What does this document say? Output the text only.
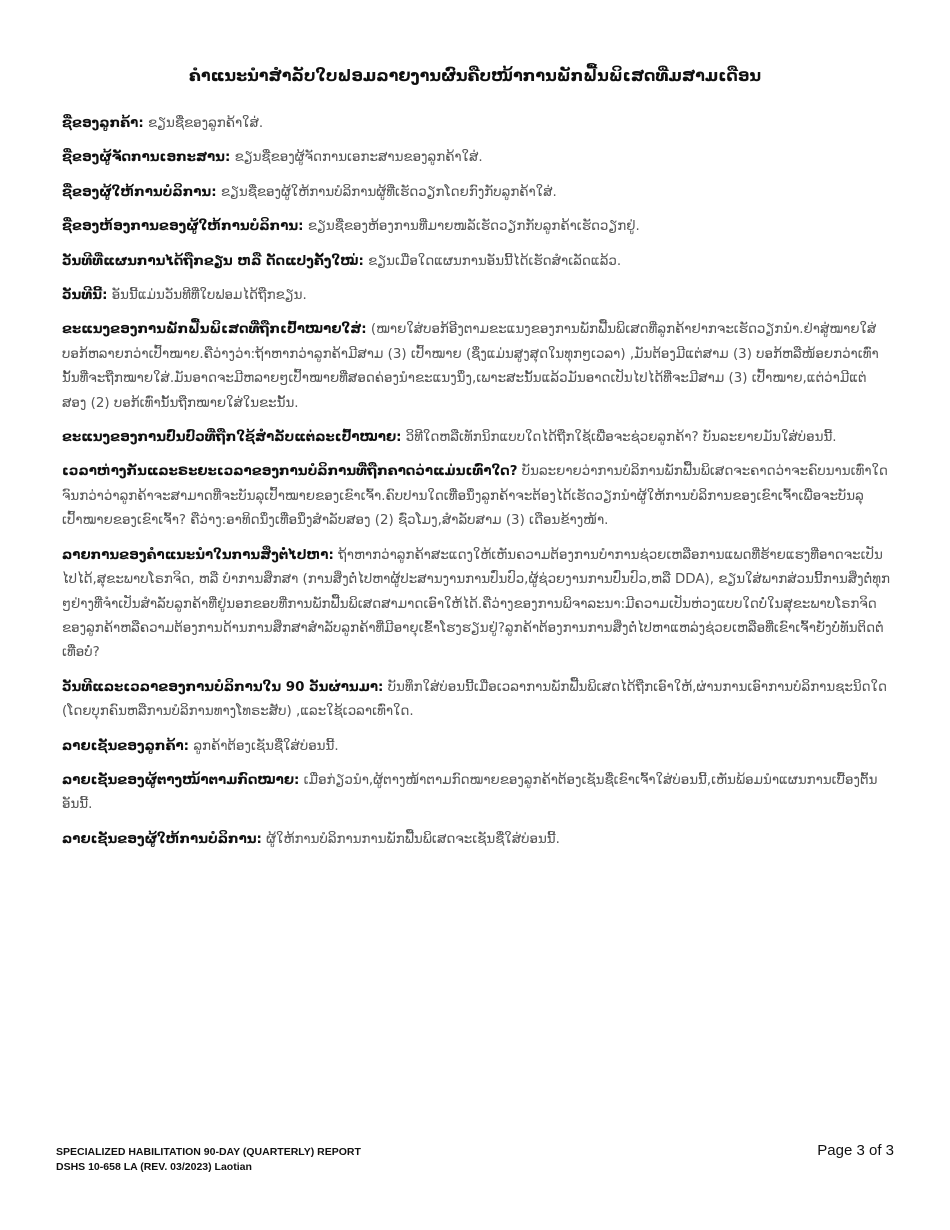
ຄຳແນະນຳສຳລັບໃບຟອມລາຍງານຜົນຄືບໜ້າການພັກຟື້ນພິເສດທີ່ມສາມເດືອນ

ຊື່ຂອງລູກຄ້າ: ຂຽນຊື່ຂອງລູກຄ້າໃສ່.

ຊື່ຂອງຜູ້ຈັດການເອກະສານ: ຂຽນຊື່ຂອງຜູ້ຈັດການເອກະສານຂອງລູກຄ້າໃສ່.

ຊື່ຂອງຜູ້ໃຫ້ການບໍລິການ: ຂຽນຊື່ຂອງຜູ້ໃຫ້ການບໍລິການຜູ້ທີ່ເຮັດວຽກໂດຍກົງກັບລູກຄ້າໃສ່.

ຊື່ຂອງຫ້ອງການຂອງຜູ້ໃຫ້ການບໍລິການ: ຂຽນຊື່ຂອງຫ້ອງການທີ່ມາຍໜລັເຮັດວຽກກັບລູກຄ້າເຮັດວຽກຢູ່.

ວັນທີທີ່ແຜນການໄດ້ຖືກຂຽນ ຫລື ດັດແປງຄັ້ງໃໝ່: ຂຽນເມື່ອໃດແຜນການອັນນີ້ໄດ້ເຮັດສຳເລັດແລ້ວ.

ວັນທີນີ້: ອັນນີ້ແມ່ນວັນທີທີ່ໃບຟອມໄດ້ຖືກຂຽນ.

ຂະແນງຂອງການພັກຟື້ນພິເສດທີ່ຖືກເປົ້າໝາຍໃສ່: (ໝາຍໃສ່ບອກ້ອີງຕາມຂະແນງຂອງການພັກຟື້ນພິເສດທີ່ລູກຄ້າຢາກຈະເຮັດວຽກນຳ.ຢ່າສູ່ໝາຍໃສ່ບອກ້ຫລາຍກວ່າເປົ້າໝາຍ.ຄືວ່າງວ່າ:ຖ້າຫາກວ່າລູກຄ້າມີສາມ (3) ເປົ້າໝາຍ (ຊຶ່ງແມ່ນສູງສຸດໃນທຸກໆເວລາ) ,ມັນຕ້ອງມີແຕ່ສາມ (3) ບອກ້ຫລືໜ້ອຍກວ່າເທົ່ານັ້ນທີ່ຈະຖືກໝາຍໃສ່.ມັນອາດຈະມີຫລາຍໆເປົ້າໝາຍທີ່ສອດຄ່ອງນຳຂະແນງນຶ່ງ,ເພາະສະນັ້ນແລ້ວມັນອາດເປັນໄປໄດ້ທີ່ຈະມີສາມ (3) ເປົ້າໝາຍ,ແຕ່ວ່າມີແຕ່ສອງ (2) ບອກ້ເທົ່ານັ້ນຖືກໝາຍໃສ່ໃນຂະນັ້ນ.

ຂະແນງຂອງການປົ່ນປົວທີ່ຖືກໃຊ້ສຳລັບແຕ່ລະເປົ້າໝາຍ: ວິທີໃດຫລືເທັກນິກແບບໃດໄດ້ຖືກໃຊ້ເພື່ອຈະຊ່ວຍລູກຄ້າ? ບັນລະຍາຍມັນໃສ່ບ່ອນນີ້.

ເວລາຫ່າງກັນແລະຣະຍະເວລາຂອງການບໍລິການທີ່ຖືກຄາດວ່າແມ່ນເທົ່າໃດ? ບັນລະຍາຍວ່າການບໍລິການພັກຟື້ນພິເສດຈະຄາດວ່າຈະຄົບນານເທົ່າໃດຈົນກວ່າວ່າລູກຄ້າຈະສາມາດທີ່ຈະບັນລຸເປົ້າໝາຍຂອງເຂົາເຈົ້າ.ຄົບປານໃດເທື່ອນຶ່ງລູກຄ້າຈະຕ້ອງໄດ້ເຮັດວຽກນຳຜູ້ໃຫ້ການບໍລິການຂອງເຂົາເຈົ້າເພື່ອຈະບັນລຸເປົ້າໝາຍຂອງເຂົາເຈົ້າ? ຄືວ່າງ:ອາທິດນຶ່ງເທື່ອນຶ່ງສຳລັບສອງ (2) ຊົ່ວໂມງ,ສຳລັບສາມ (3) ເດືອນຂ້າງໜ້າ.

ລາຍການຂອງຄຳແນະນຳໃນການສິ່ງຕໍ່ໄປຫາ: ຖ້າຫາກວ່າລູກຄ້າສະແດງໃຫ້ເຫັນຄວາມຕ້ອງການບຳການຊ່ວຍເຫລືອການແພດທີ່ຮ້າຍແຮງທີ່ອາດຈະເປັນໄປໄດ້,ສຸຂະພາບໂຣກຈິດ, ຫລື ບຳການສຶກສາ (ການສິ່ງຕໍ່ໄປຫາຜູ້ປະສານງານການປົ່ນປົວ,ຜູ້ຊ່ວຍງານການປົ່ນປົວ,ຫລື DDA), ຂຽນໃສ່ພາກສ່ວນນີ້ການສິ່ງຕໍ່ທຸກໆຢ່າງທີ່ຈຳເປັນສຳລັບລູກຄ້າທີ່ຢູ່ນອກຂອບທີ່ການພັກຟື້ນພິເສດສາມາດເອົາໃຫ້ໄດ້.ຄືວ່າງຂອງການພິຈາລະນາ:ມີຄວາມເປັນຫ່ວງແບບໃດບໍ່ໃນສຸຂະພາບໂຣກຈິດຂອງລູກຄ້າຫລືຄວາມຕ້ອງການດ້ານການສຶກສາສຳລັບລູກຄ້າທີ່ມີອາຍຸເຂົ້າໂຮງຮຽນຢູ່?ລູກຄ້າຕ້ອງການການສິ່ງຕໍ່ໄປຫາແຫລ່ງຊ່ວຍເຫລືອທີ່ເຂົາເຈົ້າຍັງບໍ່ທັນຕິດຕໍ່ເທື່ອບໍ່?

ວັນທີແລະເວລາຂອງການບໍລິການໃນ 90 ວັນຜ່ານມາ: ບັນທຶກໃສ່ບ່ອນນີ້ເມື່ອເວລາການພັກຟື້ນພິເສດໄດ້ຖືກເອົາໃຫ້,ຜ່ານການເອົາການບໍລິການຊະນິດໃດ (ໂດຍບຸກຄົນຫລືການບໍລິການທາງໂທຣະສັບ) ,ແລະໃຊ້ເວລາເທົ່າໃດ.

ລາຍເຊັນຂອງລູກຄ້າ: ລູກຄ້າຕ້ອງເຊັນຊື່ໃສ່ບ່ອນນີ້.

ລາຍເຊັນຂອງຜູ້ຕາງໜ້າຕາມກົດໝາຍ: ເມື່ອກ່ຽວນຳ,ຜູ້ຕາງໜ້າຕາມກົດໝາຍຂອງລູກຄ້າຕ້ອງເຊັນຊື່ເຂົາເຈົ້າໃສ່ບ່ອນນີ້,ເຫັນພ້ອມນຳແຜນການເບື້ອງຕົ້ນອັນນີ້.

ລາຍເຊັນຂອງຜູ້ໃຫ້ການບໍລິການ: ຜູ້ໃຫ້ການບໍລິການການພັກຟື້ນພິເສດຈະເຊັນຊື່ໃສ່ບ່ອນນີ້.

SPECIALIZED HABILITATION 90-DAY (QUARTERLY) REPORT
DSHS 10-658 LA (REV. 03/2023) Laotian
Page 3 of 3
